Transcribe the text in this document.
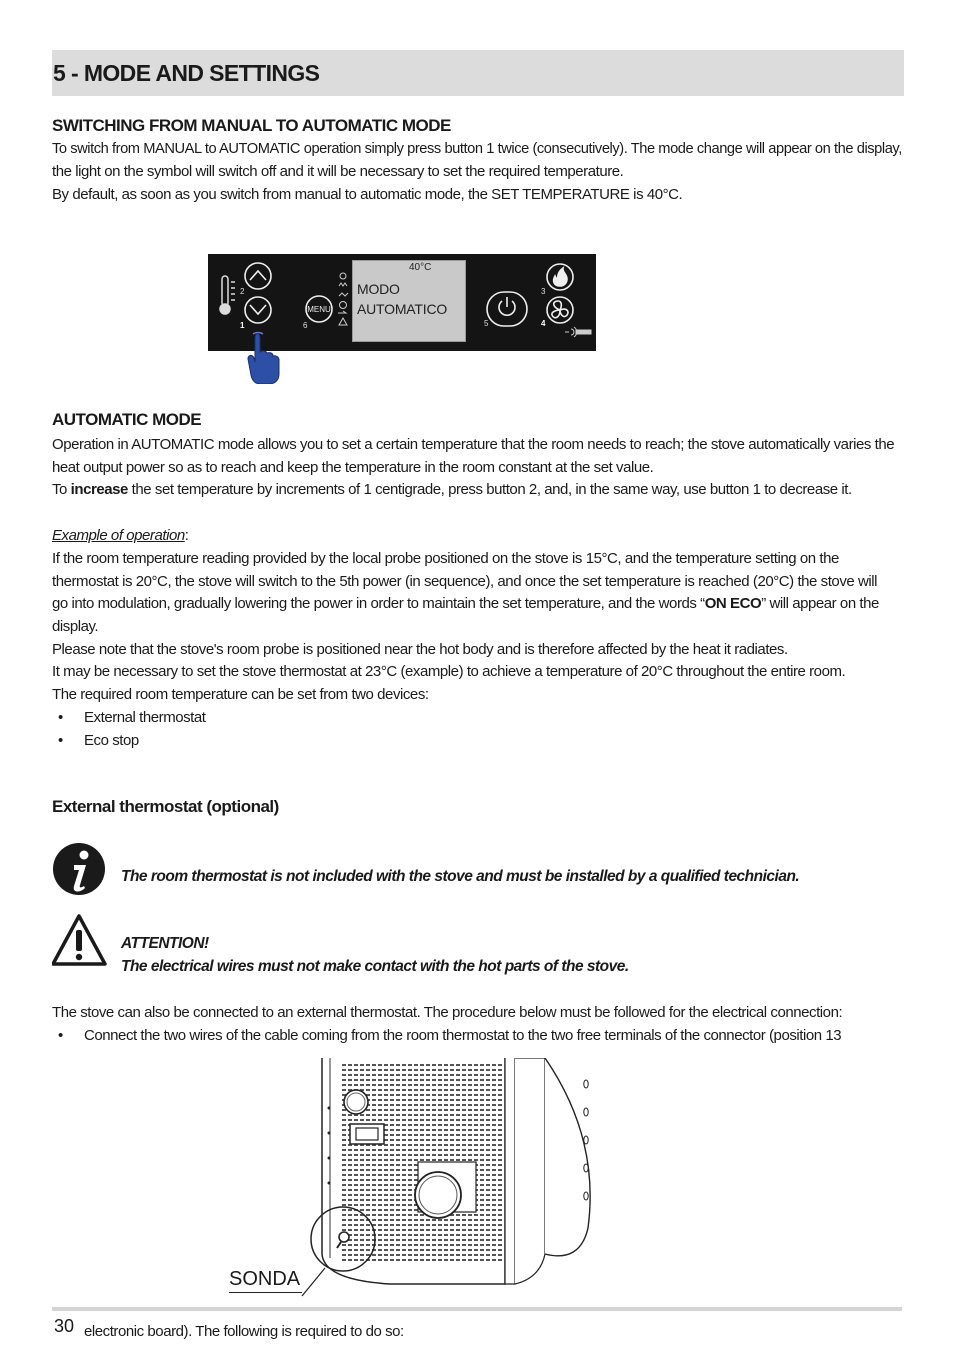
5 - MODE AND SETTINGS
SWITCHING FROM MANUAL TO AUTOMATIC MODE
To switch from MANUAL to AUTOMATIC operation simply press button 1 twice (consecutively). The mode change will appear on the display,
the light on the symbol will switch off and it will be necessary to set the required temperature.
By default, as soon as you switch from manual to automatic mode, the SET TEMPERATURE is 40°C.
2
1	6
3
5	4
MENU
40°C
MODO
AUTOMATICO
AUTOMATIC MODE
Operation in AUTOMATIC mode allows you to set a certain temperature that the room needs to reach; the stove automatically varies the
heat output power so as to reach and keep the temperature in the room constant at the set value.
To increase the set temperature by increments of 1 centigrade, press button 2, and, in the same way, use button 1 to decrease it.
Example of operation:
If the room temperature reading provided by the local probe positioned on the stove is 15°C, and the temperature setting on the
thermostat is 20°C, the stove will switch to the 5th power (in sequence), and once the set temperature is reached (20°C) the stove will
go into modulation, gradually lowering the power in order to maintain the set temperature, and the words “ON ECO” will appear on the
display.
Please note that the stove's room probe is positioned near the hot body and is therefore affected by the heat it radiates.
It may be necessary to set the stove thermostat at 23°C (example) to achieve a temperature of 20°C throughout the entire room.
The required room temperature can be set from two devices:
• External thermostat
• Eco stop
External thermostat (optional)
The room thermostat is not included with the stove and must be installed by a qualified technician.
ATTENTION!
The electrical wires must not make contact with the hot parts of the stove.
The stove can also be connected to an external thermostat. The procedure below must be followed for the electrical connection:
• Connect the two wires of the cable coming from the room thermostat to the two free terminals of the connector (position 13
SONDA
30 electronic board). The following is required to do so:
